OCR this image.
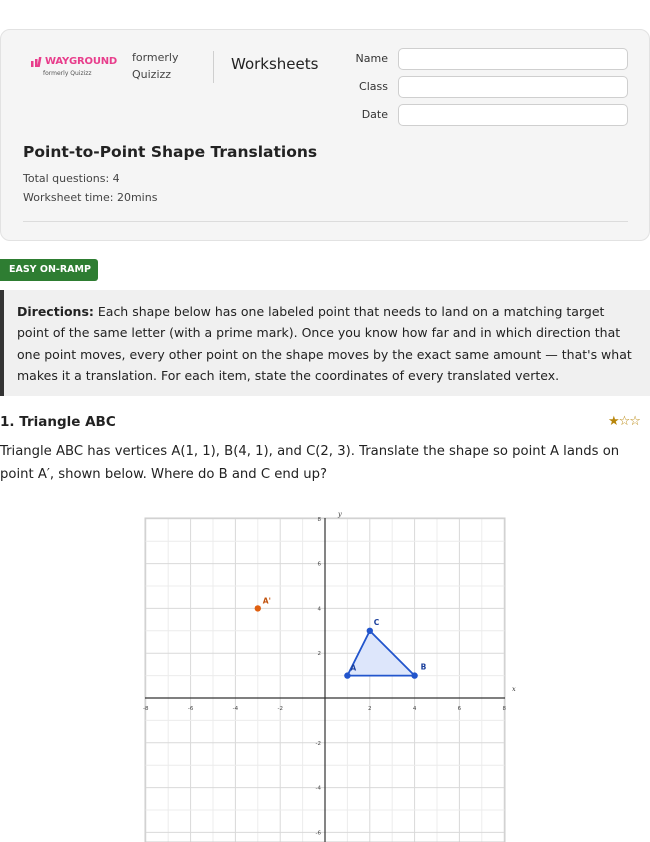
WAYGROUND
formerly Quizizz
formerly Quizizz
Worksheets	Name
Class
Date
Point-to-Point Shape Translations
Total questions: 4
Worksheet time: 20mins
EASY ON-RAMP
Directions: Each shape below has one labeled point that needs to land on a matching target point of the same letter (with a prime mark). Once you know how far and in which direction that one point moves, every other point on the shape moves by the exact same amount — that's what makes it a translation. For each item, state the coordinates of every translated vertex.
1. Triangle ABC	★☆☆
Triangle ABC has vertices A(1, 1), B(4, 1), and C(2, 3). Translate the shape so point A lands on point A′, shown below. Where do B and C end up?
-8	-6	-4	-2	2	4	6	8
8
6
4
2
-2
-4
-6
x
y
A	B
C
A'
